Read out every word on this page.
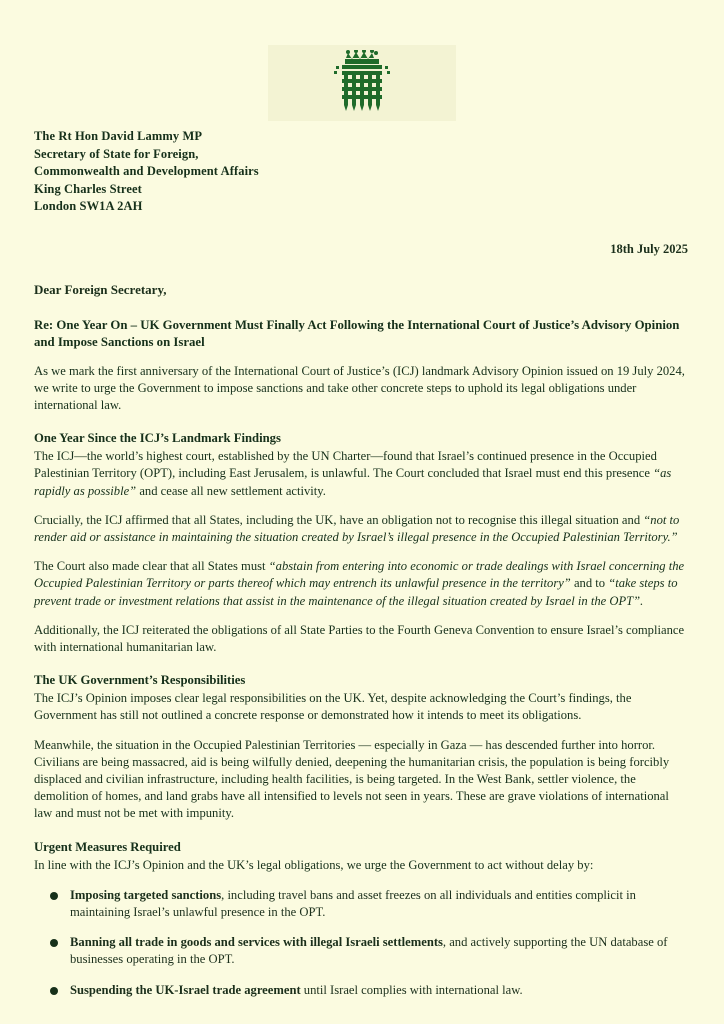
The Rt Hon David Lammy MP
Secretary of State for Foreign,
Commonwealth and Development Affairs
King Charles Street
London SW1A 2AH
18th July 2025
Dear Foreign Secretary,
Re: One Year On – UK Government Must Finally Act Following the International Court of Justice’s Advisory Opinion and Impose Sanctions on Israel

As we mark the first anniversary of the International Court of Justice’s (ICJ) landmark Advisory Opinion issued on 19 July 2024, we write to urge the Government to impose sanctions and take other concrete steps to uphold its legal obligations under international law.

One Year Since the ICJ’s Landmark Findings

The ICJ—the world’s highest court, established by the UN Charter—found that Israel’s continued presence in the Occupied Palestinian Territory (OPT), including East Jerusalem, is unlawful. The Court concluded that Israel must end this presence “as rapidly as possible” and cease all new settlement activity.

Crucially, the ICJ affirmed that all States, including the UK, have an obligation not to recognise this illegal situation and “not to render aid or assistance in maintaining the situation created by Israel’s illegal presence in the Occupied Palestinian Territory.”

The Court also made clear that all States must “abstain from entering into economic or trade dealings with Israel concerning the Occupied Palestinian Territory or parts thereof which may entrench its unlawful presence in the territory” and to “take steps to prevent trade or investment relations that assist in the maintenance of the illegal situation created by Israel in the OPT”.

Additionally, the ICJ reiterated the obligations of all State Parties to the Fourth Geneva Convention to ensure Israel’s compliance with international humanitarian law.

The UK Government’s Responsibilities

The ICJ’s Opinion imposes clear legal responsibilities on the UK. Yet, despite acknowledging the Court’s findings, the Government has still not outlined a concrete response or demonstrated how it intends to meet its obligations.

Meanwhile, the situation in the Occupied Palestinian Territories — especially in Gaza — has descended further into horror. Civilians are being massacred, aid is being wilfully denied, deepening the humanitarian crisis, the population is being forcibly displaced and civilian infrastructure, including health facilities, is being targeted. In the West Bank, settler violence, the demolition of homes, and land grabs have all intensified to levels not seen in years. These are grave violations of international law and must not be met with impunity.

Urgent Measures Required

In line with the ICJ’s Opinion and the UK’s legal obligations, we urge the Government to act without delay by:

Imposing targeted sanctions, including travel bans and asset freezes on all individuals and entities complicit in maintaining Israel’s unlawful presence in the OPT.
Banning all trade in goods and services with illegal Israeli settlements, and actively supporting the UN database of businesses operating in the OPT.
Suspending the UK-Israel trade agreement until Israel complies with international law.
